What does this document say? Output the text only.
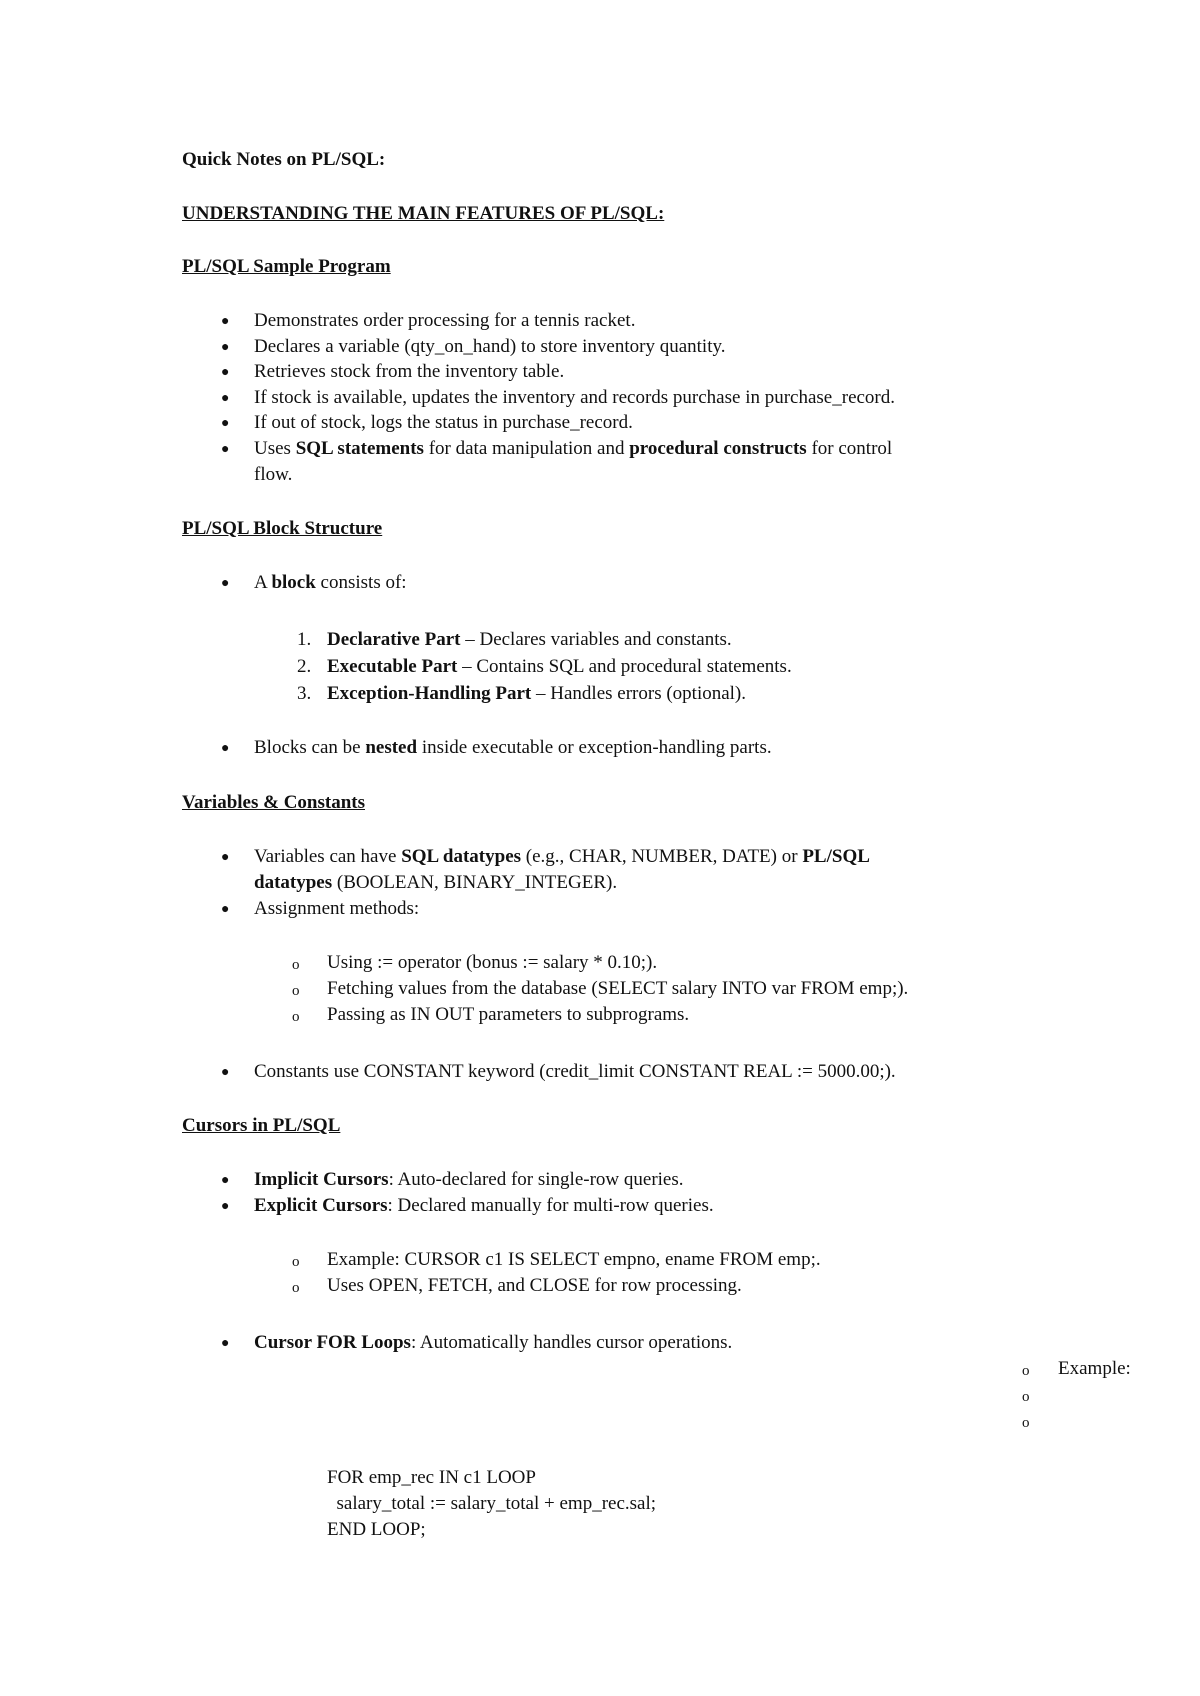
Quick Notes on PL/SQL:
UNDERSTANDING THE MAIN FEATURES OF PL/SQL:
PL/SQL Sample Program
● Demonstrates order processing for a tennis racket.
● Declares a variable (qty_on_hand) to store inventory quantity.
● Retrieves stock from the inventory table.
● If stock is available, updates the inventory and records purchase in purchase_record.
● If out of stock, logs the status in purchase_record.
● Uses SQL statements for data manipulation and procedural constructs for control
flow.
PL/SQL Block Structure
● A block consists of:
1. Declarative Part – Declares variables and constants.
2. Executable Part – Contains SQL and procedural statements.
3. Exception-Handling Part – Handles errors (optional).
● Blocks can be nested inside executable or exception-handling parts.
Variables & Constants
● Variables can have SQL datatypes (e.g., CHAR, NUMBER, DATE) or PL/SQL
datatypes (BOOLEAN, BINARY_INTEGER).
● Assignment methods:
o Using := operator (bonus := salary * 0.10;).
o Fetching values from the database (SELECT salary INTO var FROM emp;).
o Passing as IN OUT parameters to subprograms.
● Constants use CONSTANT keyword (credit_limit CONSTANT REAL := 5000.00;).
Cursors in PL/SQL
● Implicit Cursors: Auto-declared for single-row queries.
● Explicit Cursors: Declared manually for multi-row queries.
o Example: CURSOR c1 IS SELECT empno, ename FROM emp;.
o Uses OPEN, FETCH, and CLOSE for row processing.
● Cursor FOR Loops: Automatically handles cursor operations.
o Example:
o
o
FOR emp_rec IN c1 LOOP
salary_total := salary_total + emp_rec.sal;
END LOOP;
